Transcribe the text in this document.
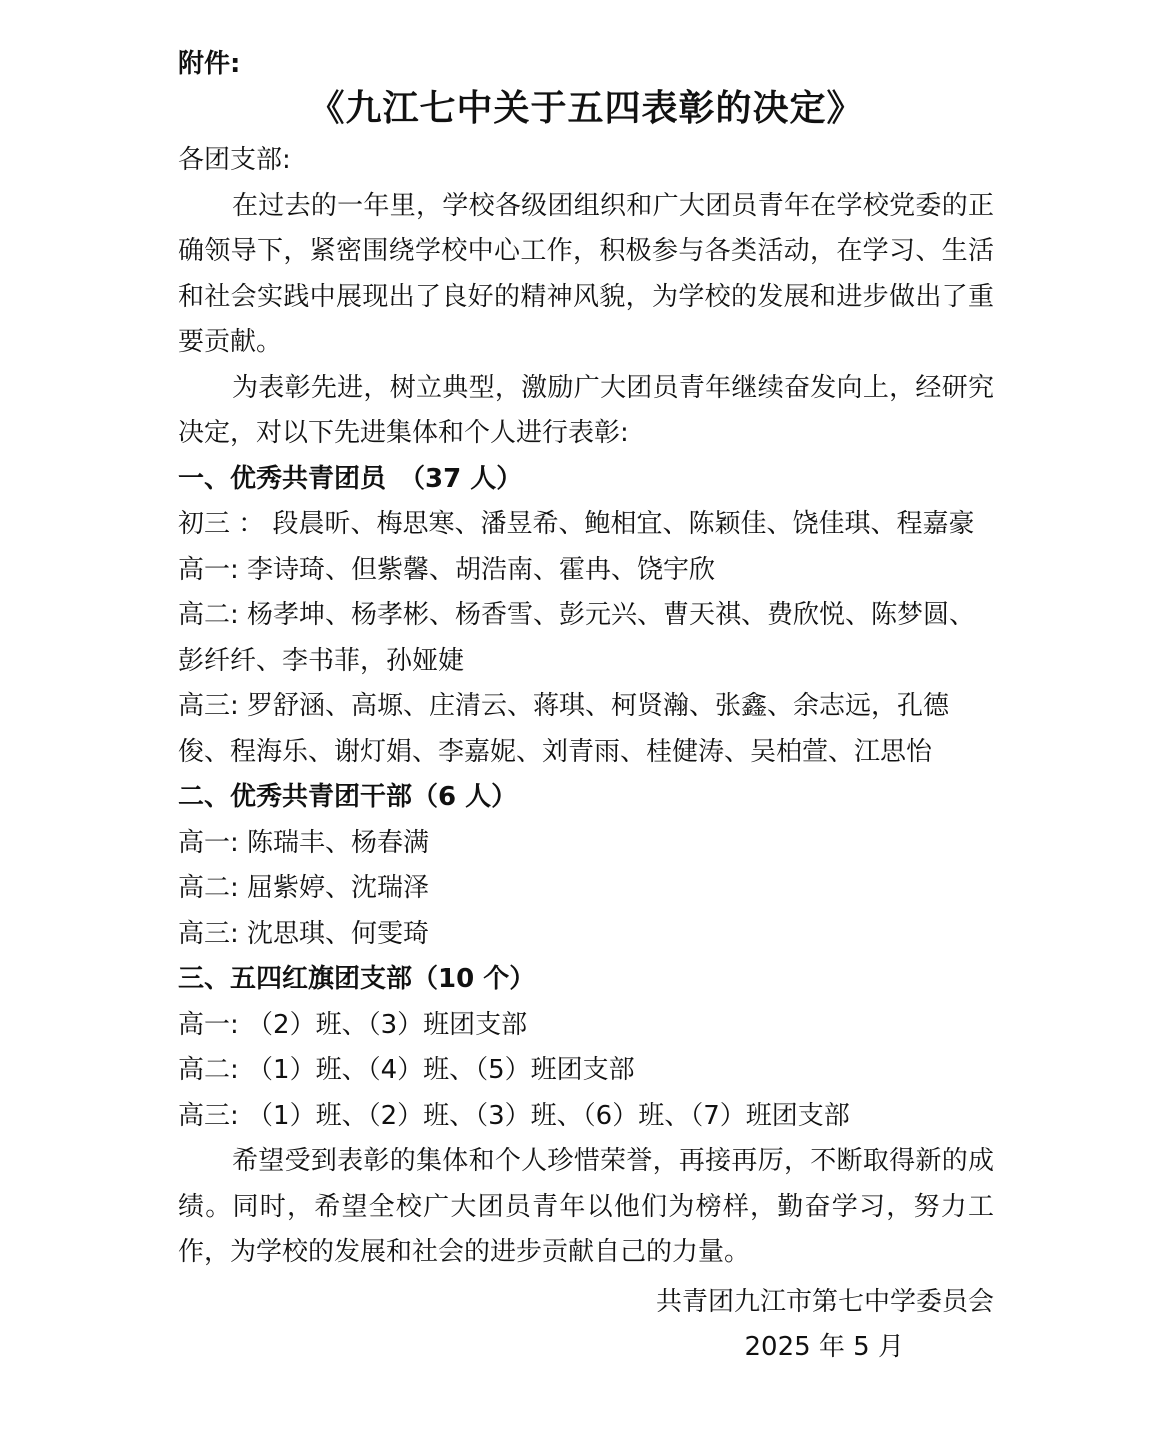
附件:
《九江七中关于五四表彰的决定》
各团支部:
在过去的一年里，学校各级团组织和广大团员青年在学校党委的正确领导下，紧密围绕学校中心工作，积极参与各类活动，在学习、生活和社会实践中展现出了良好的精神风貌，为学校的发展和进步做出了重要贡献。
为表彰先进，树立典型，激励广大团员青年继续奋发向上，经研究决定，对以下先进集体和个人进行表彰:
一、优秀共青团员　（37 人）
初三 ： 段晨昕、梅思寒、潘昱希、鲍相宜、陈颖佳、饶佳琪、程嘉豪
高一: 李诗琦、但紫馨、胡浩南、霍冉、饶宇欣
高二: 杨孝坤、杨孝彬、杨香雪、彭元兴、曹天祺、费欣悦、陈梦圆、彭纤纤、李书菲，孙娅婕
高三: 罗舒涵、高塬、庄清云、蒋琪、柯贤瀚、张鑫、余志远，孔德俊、程海乐、谢灯娟、李嘉妮、刘青雨、桂健涛、吴柏萱、江思怡
二、优秀共青团干部（6 人）
高一: 陈瑞丰、杨春满
高二: 屈紫婷、沈瑞泽
高三: 沈思琪、何雯琦
三、五四红旗团支部（10 个）
高一: （2）班、（3）班团支部
高二: （1）班、（4）班、（5）班团支部
高三: （1）班、（2）班、（3）班、（6）班、（7）班团支部
希望受到表彰的集体和个人珍惜荣誉，再接再厉，不断取得新的成绩。同时，希望全校广大团员青年以他们为榜样，勤奋学习，努力工作，为学校的发展和社会的进步贡献自己的力量。
共青团九江市第七中学委员会
2025 年 5 月
